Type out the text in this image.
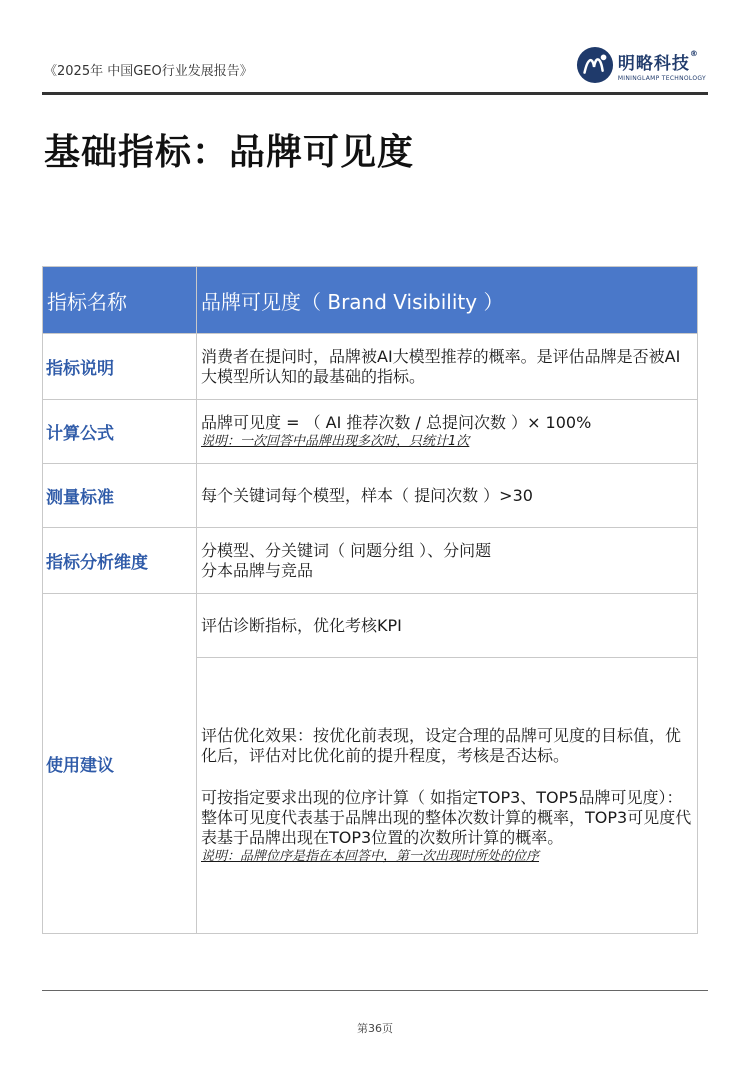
《2025年 中国GEO行业发展报告》	明略科技®
MININGLAMP TECHNOLOGY
基础指标：品牌可见度
指标名称	品牌可见度（ Brand Visibility ）
指标说明	消费者在提问时，品牌被AI大模型推荐的概率。是评估品牌是否被AI大模型所认知的最基础的指标。
计算公式	品牌可见度 = （ AI 推荐次数 / 总提问次数 ）× 100%
说明：一次回答中品牌出现多次时，只统计1次

测量标准	每个关键词每个模型，样本（ 提问次数 ）>30
指标分析维度	分模型、分关键词（ 问题分组 ）、分问题
分本品牌与竞品

使用建议	评估诊断指标，优化考核KPI

	评估优化效果：按优化前表现，设定合理的品牌可见度的目标值，优化后，评估对比优化前的提升程度，考核是否达标。
可按指定要求出现的位序计算（ 如指定TOP3、TOP5品牌可见度）：整体可见度代表基于品牌出现的整体次数计算的概率，TOP3可见度代表基于品牌出现在TOP3位置的次数所计算的概率。
说明：品牌位序是指在本回答中，第一次出现时所处的位序
第36页
